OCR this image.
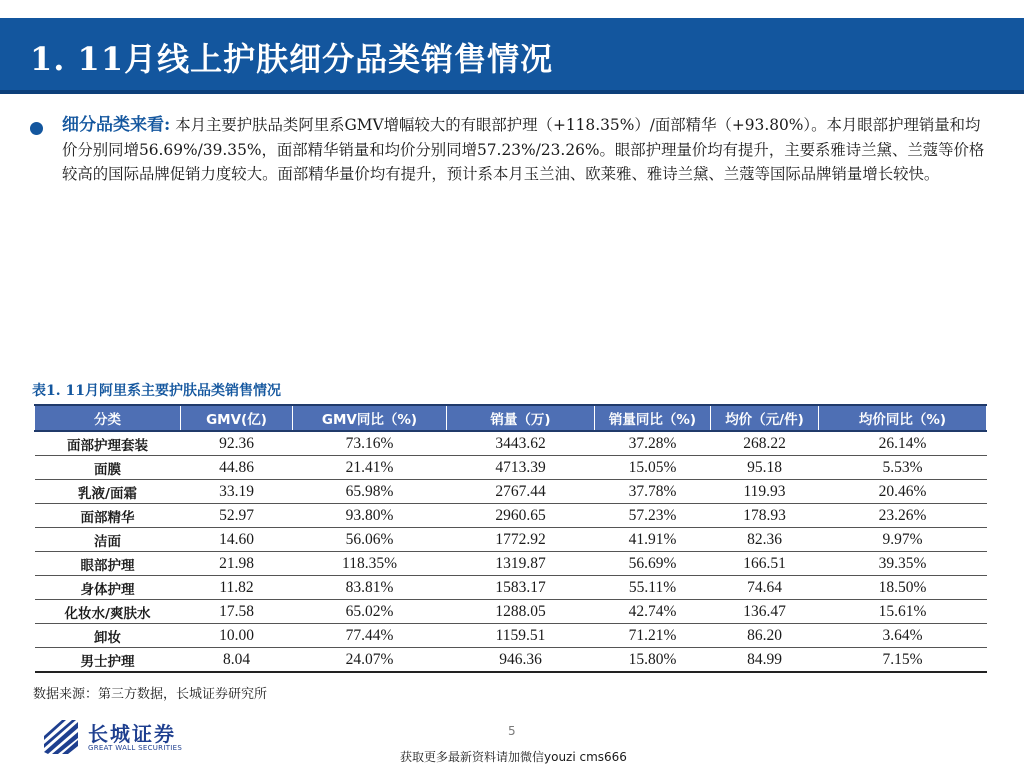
1. 11月线上护肤细分品类销售情况
细分品类来看: 本月主要护肤品类阿里系GMV增幅较大的有眼部护理（+118.35%）/面部精华（+93.80%）。本月眼部护理销量和均价分别同增56.69%/39.35%，面部精华销量和均价分别同增57.23%/23.26%。眼部护理量价均有提升，主要系雅诗兰黛、兰蔻等价格较高的国际品牌促销力度较大。面部精华量价均有提升，预计系本月玉兰油、欧莱雅、雅诗兰黛、兰蔻等国际品牌销量增长较快。
表1. 11月阿里系主要护肤品类销售情况
分类	GMV(亿)	GMV同比（%)	销量（万)	销量同比（%)	均价（元/件)	均价同比（%)
面部护理套装	92.36	73.16%	3443.62	37.28%	268.22	26.14%
面膜	44.86	21.41%	4713.39	15.05%	95.18	5.53%
乳液/面霜	33.19	65.98%	2767.44	37.78%	119.93	20.46%
面部精华	52.97	93.80%	2960.65	57.23%	178.93	23.26%
洁面	14.60	56.06%	1772.92	41.91%	82.36	9.97%
眼部护理	21.98	118.35%	1319.87	56.69%	166.51	39.35%
身体护理	11.82	83.81%	1583.17	55.11%	74.64	18.50%
化妆水/爽肤水	17.58	65.02%	1288.05	42.74%	136.47	15.61%
卸妆	10.00	77.44%	1159.51	71.21%	86.20	3.64%
男士护理	8.04	24.07%	946.36	15.80%	84.99	7.15%
数据来源：第三方数据，长城证券研究所
长城证券
GREAT WALL SECURITIES
5
获取更多最新资料请加微信youzi cms666
